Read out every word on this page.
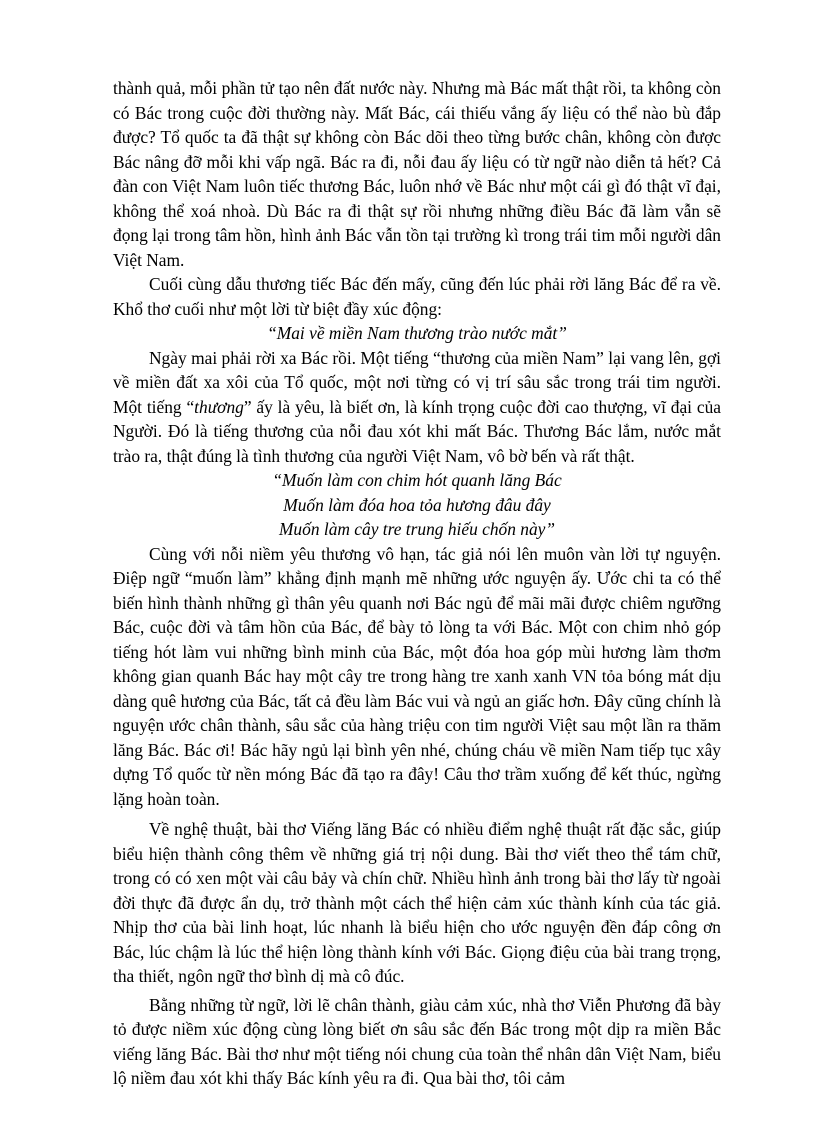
thành quả, mỗi phần tử tạo nên đất nước này. Nhưng mà Bác mất thật rồi, ta không còn có Bác trong cuộc đời thường này. Mất Bác, cái thiếu vắng ấy liệu có thể nào bù đắp được? Tổ quốc ta đã thật sự không còn Bác dõi theo từng bước chân, không còn được Bác nâng đỡ mỗi khi vấp ngã. Bác ra đi, nỗi đau ấy liệu có từ ngữ nào diễn tả hết? Cả đàn con Việt Nam luôn tiếc thương Bác, luôn nhớ về Bác như một cái gì đó thật vĩ đại, không thể xoá nhoà. Dù Bác ra đi thật sự rồi nhưng những điều Bác đã làm vẫn sẽ đọng lại trong tâm hồn, hình ảnh Bác vẫn tồn tại trường kì trong trái tim mỗi người dân Việt Nam.

Cuối cùng dẫu thương tiếc Bác đến mấy, cũng đến lúc phải rời lăng Bác để ra về. Khổ thơ cuối như một lời từ biệt đầy xúc động:

“Mai về miền Nam thương trào nước mắt”

Ngày mai phải rời xa Bác rồi. Một tiếng “thương của miền Nam” lại vang lên, gợi về miền đất xa xôi của Tổ quốc, một nơi từng có vị trí sâu sắc trong trái tim người. Một tiếng “thương” ấy là yêu, là biết ơn, là kính trọng cuộc đời cao thượng, vĩ đại của Người. Đó là tiếng thương của nỗi đau xót khi mất Bác. Thương Bác lắm, nước mắt trào ra, thật đúng là tình thương của người Việt Nam, vô bờ bến và rất thật.

“Muốn làm con chim hót quanh lăng Bác

Muốn làm đóa hoa tỏa hương đâu đây

Muốn làm cây tre trung hiếu chốn này”

Cùng với nỗi niềm yêu thương vô hạn, tác giả nói lên muôn vàn lời tự nguyện. Điệp ngữ “muốn làm” khẳng định mạnh mẽ những ước nguyện ấy. Ước chi ta có thể biến hình thành những gì thân yêu quanh nơi Bác ngủ để mãi mãi được chiêm ngưỡng Bác, cuộc đời và tâm hồn của Bác, để bày tỏ lòng ta với Bác. Một con chim nhỏ góp tiếng hót làm vui những bình minh của Bác, một đóa hoa góp mùi hương làm thơm không gian quanh Bác hay một cây tre trong hàng tre xanh xanh VN tỏa bóng mát dịu dàng quê hương của Bác, tất cả đều làm Bác vui và ngủ an giấc hơn. Đây cũng chính là nguyện ước chân thành, sâu sắc của hàng triệu con tim người Việt sau một lần ra thăm lăng Bác. Bác ơi! Bác hãy ngủ lại bình yên nhé, chúng cháu về miền Nam tiếp tục xây dựng Tổ quốc từ nền móng Bác đã tạo ra đây! Câu thơ trầm xuống để kết thúc, ngừng lặng hoàn toàn.

Về nghệ thuật, bài thơ Viếng lăng Bác có nhiều điểm nghệ thuật rất đặc sắc, giúp biểu hiện thành công thêm về những giá trị nội dung. Bài thơ viết theo thể tám chữ, trong có có xen một vài câu bảy và chín chữ. Nhiều hình ảnh trong bài thơ lấy từ ngoài đời thực đã được ẩn dụ, trở thành một cách thể hiện cảm xúc thành kính của tác giả. Nhịp thơ của bài linh hoạt, lúc nhanh là biểu hiện cho ước nguyện đền đáp công ơn Bác, lúc chậm là lúc thể hiện lòng thành kính với Bác. Giọng điệu của bài trang trọng, tha thiết, ngôn ngữ thơ bình dị mà cô đúc.

Bằng những từ ngữ, lời lẽ chân thành, giàu cảm xúc, nhà thơ Viễn Phương đã bày tỏ được niềm xúc động cùng lòng biết ơn sâu sắc đến Bác trong một dịp ra miền Bắc viếng lăng Bác. Bài thơ như một tiếng nói chung của toàn thể nhân dân Việt Nam, biểu lộ niềm đau xót khi thấy Bác kính yêu ra đi. Qua bài thơ, tôi cảm
